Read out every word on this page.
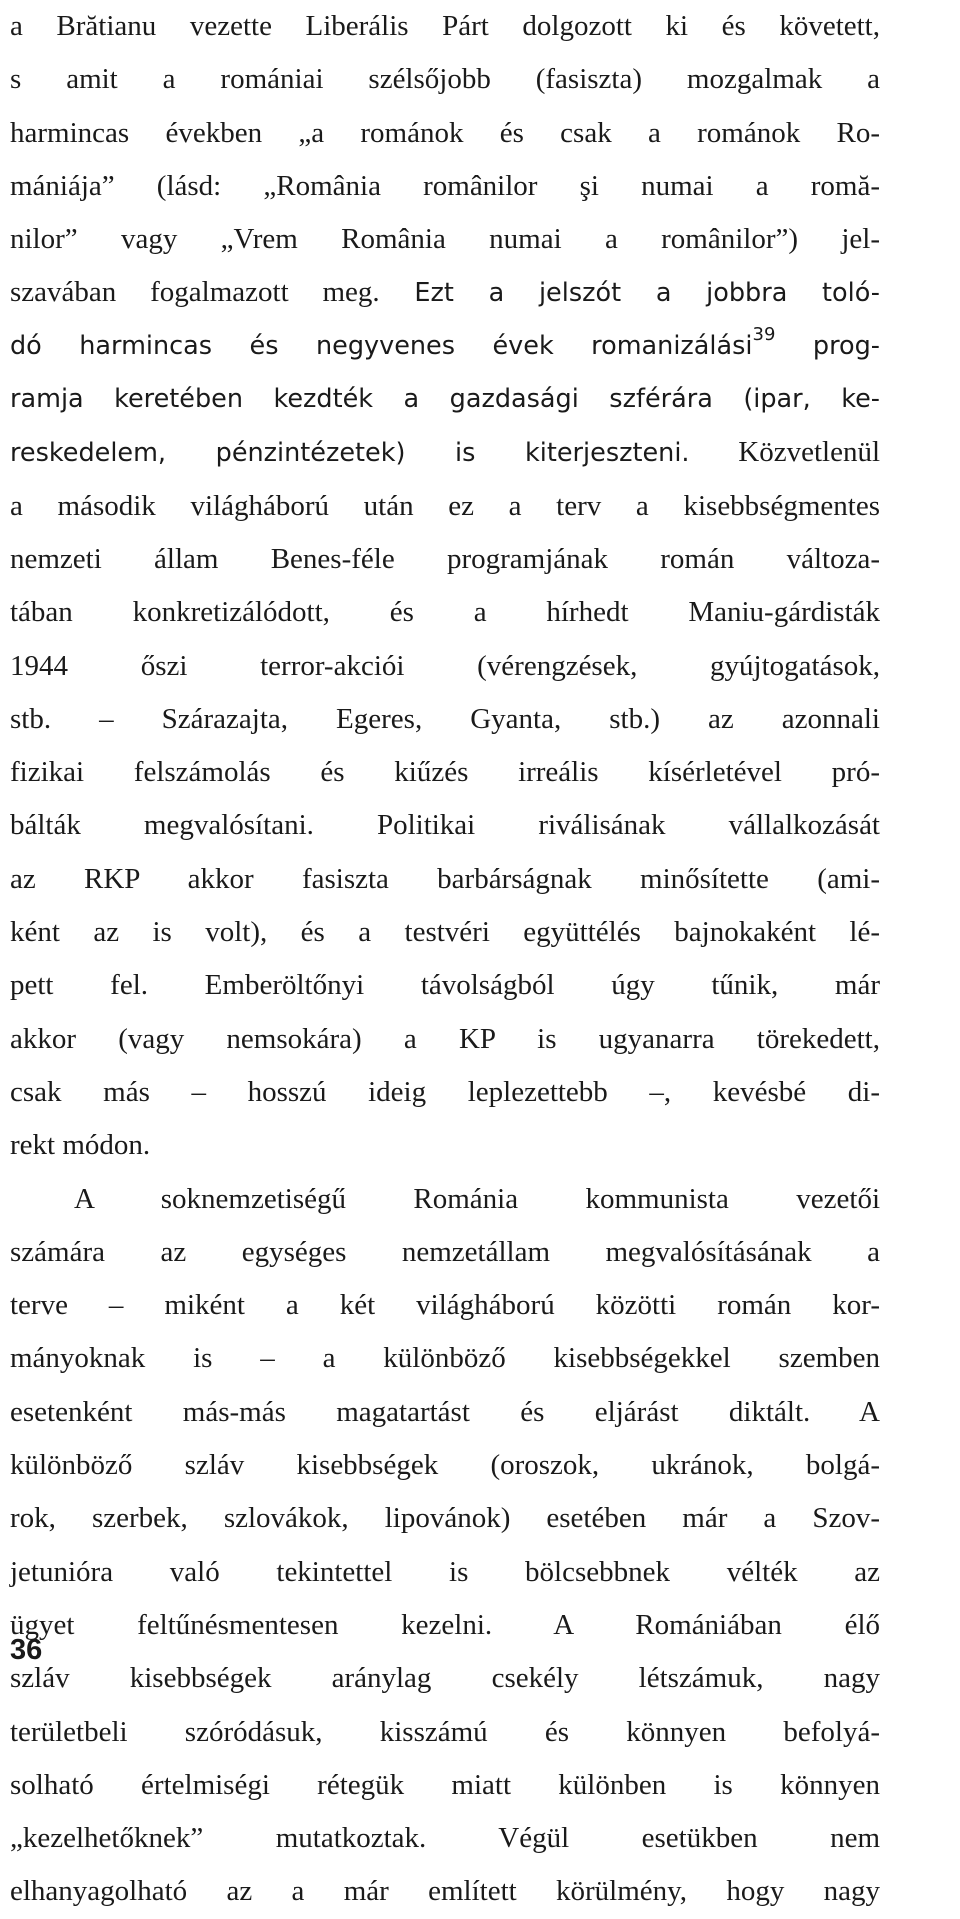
a Brătianu vezette Liberális Párt dolgozott ki és követett,
s amit a romániai szélsőjobb (fasiszta) mozgalmak a
harmincas években „a románok és csak a románok Ro-
mániája” (lásd: „România românilor şi numai a romă-
nilor” vagy „Vrem România numai a românilor”) jel-
szavában fogalmazott meg. Ezt a jelszót a jobbra toló-
dó harmincas és negyvenes évek romanizálási$^{39}$ prog-
ramja keretében kezdték a gazdasági szférára (ipar, ke-
reskedelem, pénzintézetek) is kiterjeszteni. Közvetlenül
a második világháború után ez a terv a kisebbségmentes
nemzeti állam Benes-féle programjának román változa-
tában konkretizálódott, és a hírhedt Maniu-gárdisták
1944 őszi terror-akciói (vérengzések, gyújtogatások,
stb. – Szárazajta, Egeres, Gyanta, stb.) az azonnali
fizikai felszámolás és kiűzés irreális kísérletével pró-
bálták megvalósítani. Politikai riválisának vállalkozását
az RKP akkor fasiszta barbárságnak minősítette (ami-
ként az is volt), és a testvéri együttélés bajnokaként lé-
pett fel. Emberöltőnyi távolságból úgy tűnik, már
akkor (vagy nemsokára) a KP is ugyanarra törekedett,
csak más – hosszú ideig leplezettebb –, kevésbé di-
rekt módon.
A soknemzetiségű Románia kommunista vezetői
számára az egységes nemzetállam megvalósításának a
terve – miként a két világháború közötti román kor-
mányoknak is – a különböző kisebbségekkel szemben
esetenként más-más magatartást és eljárást diktált. A
különböző szláv kisebbségek (oroszok, ukránok, bolgá-
rok, szerbek, szlovákok, lipovánok) esetében már a Szov-
jetunióra való tekintettel is bölcsebbnek vélték az
ügyet feltűnésmentesen kezelni. A Romániában élő
szláv kisebbségek aránylag csekély létszámuk, nagy
területbeli szóródásuk, kisszámú és könnyen befolyá-
solható értelmiségi rétegük miatt különben is könnyen
„kezelhetőknek” mutatkoztak. Végül esetükben nem
elhanyagolható az a már említett körülmény, hogy nagy
36
